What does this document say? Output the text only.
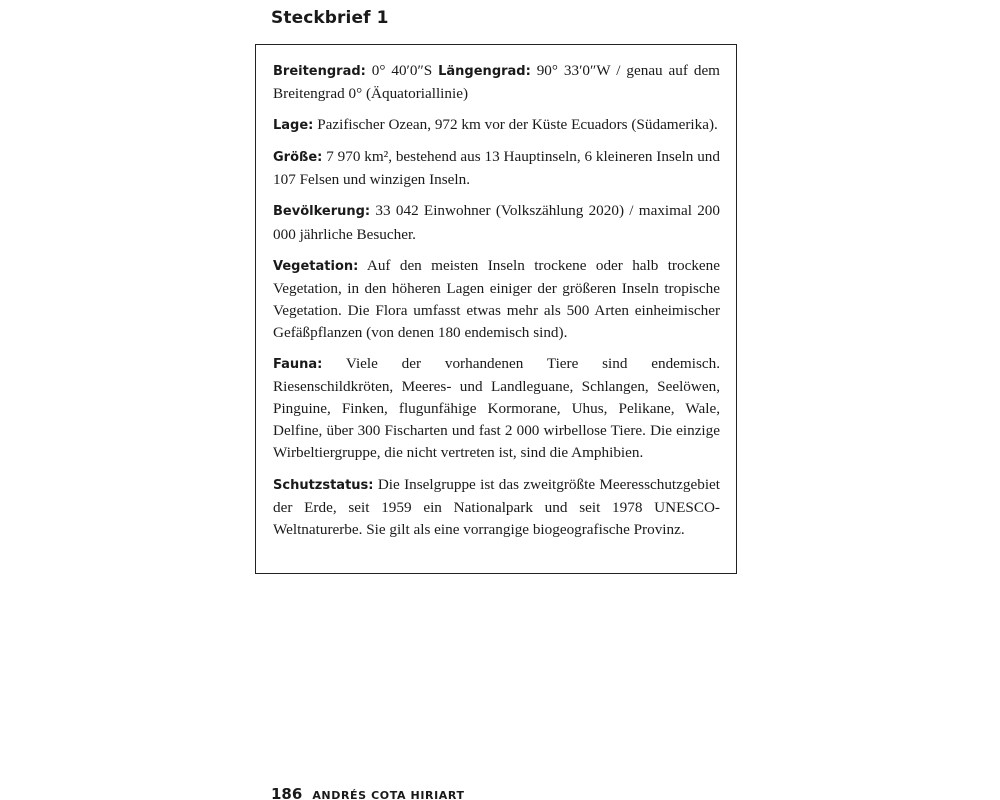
Steckbrief 1

Breitengrad: 0° 40′0″S Längengrad: 90° 33′0″W / genau auf dem Breitengrad 0° (Äquatoriallinie)

Lage: Pazifischer Ozean, 972 km vor der Küste Ecuadors (Südamerika).

Größe: 7 970 km², bestehend aus 13 Hauptinseln, 6 kleineren Inseln und 107 Felsen und winzigen Inseln.

Bevölkerung: 33 042 Einwohner (Volkszählung 2020) / maximal 200 000 jährliche Besucher.

Vegetation: Auf den meisten Inseln trockene oder halb trockene Vegetation, in den höheren Lagen einiger der größeren Inseln tropische Vegetation. Die Flora umfasst etwas mehr als 500 Arten einheimischer Gefäßpflanzen (von denen 180 endemisch sind).

Fauna: Viele der vorhandenen Tiere sind endemisch. Riesenschildkröten, Meeres- und Landleguane, Schlangen, Seelöwen, Pinguine, Finken, flugunfähige Kormorane, Uhus, Pelikane, Wale, Delfine, über 300 Fischarten und fast 2 000 wirbellose Tiere. Die einzige Wirbeltiergruppe, die nicht vertreten ist, sind die Amphibien.

Schutzstatus: Die Inselgruppe ist das zweitgrößte Meeresschutzgebiet der Erde, seit 1959 ein Nationalpark und seit 1978 UNESCO-Weltnaturerbe. Sie gilt als eine vorrangige biogeografische Provinz.

186 ANDRÉS COTA HIRIART
